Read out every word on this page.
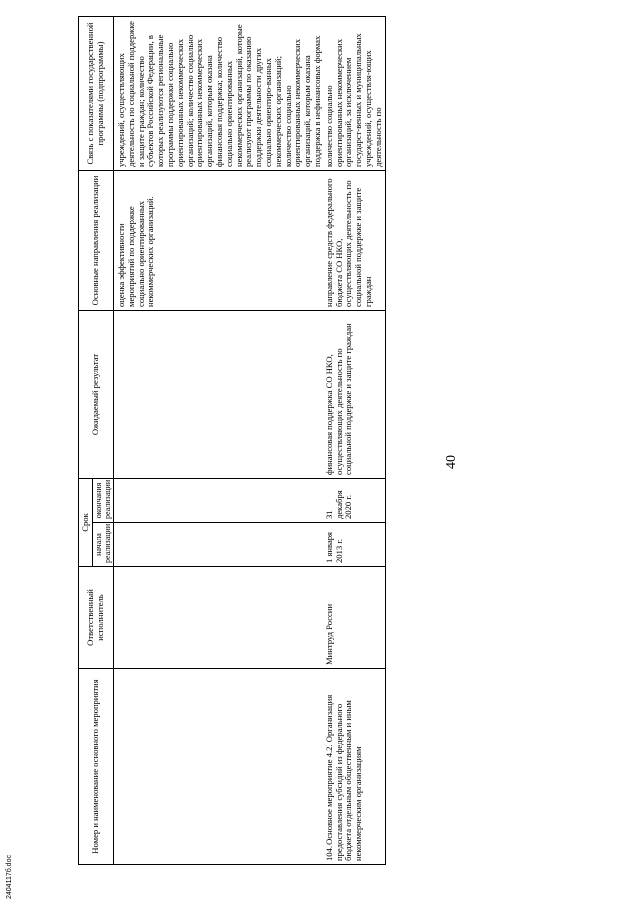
2404117б.doc
40
Номер и наименование основного мероприятия	Ответственный исполнитель	Срок		Ожидаемый результат	Основные направления реализации	Связь с показателями государственной программы (подпрограммы)
		начала реализации	окончания реализации			

					оценка эффективности мероприятий по поддержке социально ориентированных некоммерческих организаций.	учреждений, осуществляющих деятельность по социальной поддержке и защите граждан; количество субъектов Российской Федерации, в которых реализуются региональные программы поддержки социально ориентированных некоммерческих организаций; количество социально ориентированных некоммерческих организаций, которым оказана финансовая поддержка; количество социально ориентированных некоммерческих организаций, которые реализуют программы по оказанию поддержки деятельности других социально ориентиро-ванных некоммерческих организаций; количество социально ориентированных некоммерческих организаций, которым оказана поддержка в нефинансовых формах
104. Основное мероприятие 4.2. Организация предоставления субсидий из федерального бюджета отдельным общественным и иным некоммерческим организациям	Минтруд России	1 января 2013 г.	31 декабря 2020 г.	финансовая поддержка СО НКО, осуществляющих деятельность по социальной поддержке и защите граждан	направление средств федерального бюджета СО НКО, осуществляющих деятельность по социальной поддержке и защите граждан	количество социально ориентированных некоммерческих организаций, за исключением государст-венных и муниципальных учреждений, осуществля-ющих деятельность по
